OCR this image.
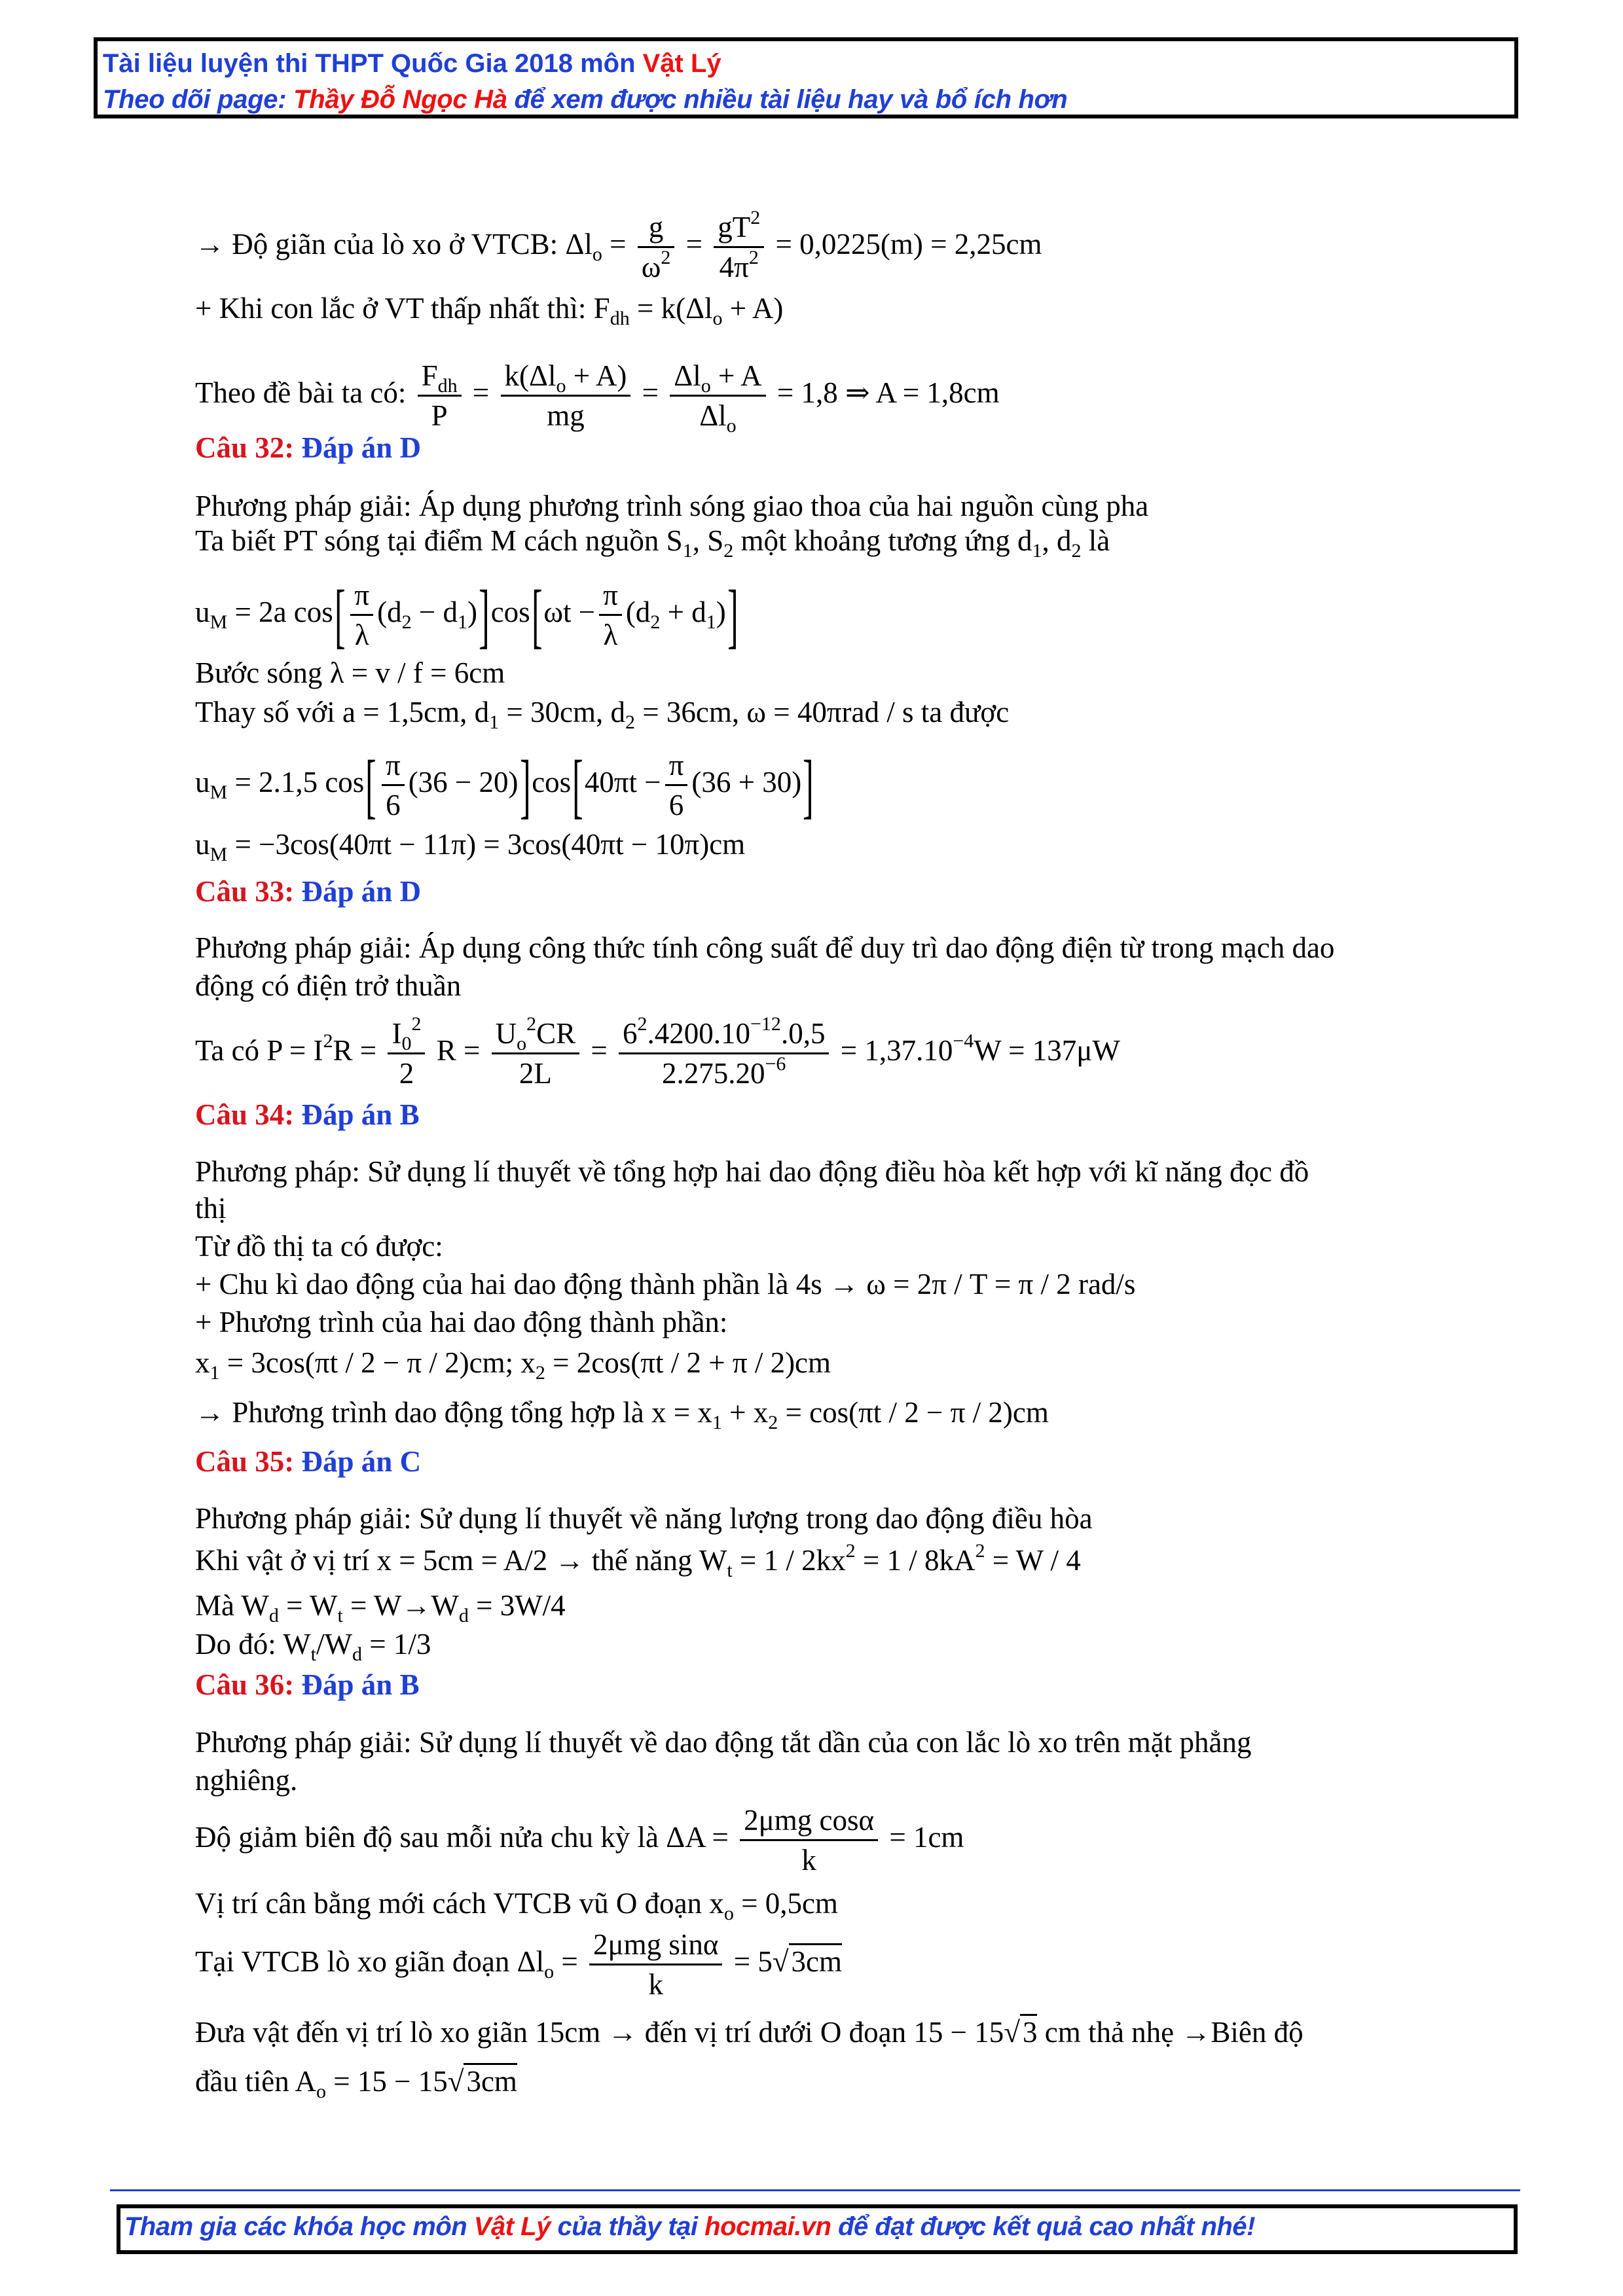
Tài liệu luyện thi THPT Quốc Gia 2018 môn Vật Lý
Theo dõi page: Thầy Đỗ Ngọc Hà để xem được nhiều tài liệu hay và bổ ích hơn
→ Độ giãn của lò xo ở VTCB: $\Delta l_o = \frac{g}{\omega^2} = \frac{gT^2}{4\pi^2} = 0,0225(m) = 2,25cm$
+ Khi con lắc ở VT thấp nhất thì: $F_{dh} = k(\Delta l_o + A)$
Theo đề bài ta có: $\frac{F_{dh}}{P} = \frac{k(\Delta l_o + A)}{mg} = \frac{\Delta l_o + A}{\Delta l_o} = 1,8$ ⇒ A = 1,8cm
Câu 32: Đáp án D
Phương pháp giải: Áp dụng phương trình sóng giao thoa của hai nguồn cùng pha
Ta biết PT sóng tại điểm M cách nguồn $S_1$, $S_2$ một khoảng tương ứng $d_1$, $d_2$ là
$u_M = 2a$ $\cos[ \frac{\pi}{\lambda} (d_2 - d_1)]\cos[\omega t - \frac{\pi}{\lambda} (d_2 + d_1)]$
Bước sóng λ = v / f = 6cm
Thay số với a = 1,5cm, $d_1 = 30cm$, $d_2 = 36cm$, ω = 40πrad / s ta được
$u_M = 2.1,5$ $\cos[ \frac{\pi}{6} (36 - 20)]\cos[40\pi t - \frac{\pi}{6} (36 + 30)]$
$u_M = -3\cos(40\pi t - 11\pi) = 3\cos(40\pi t - 10\pi)cm$
Câu 33: Đáp án D
Phương pháp giải: Áp dụng công thức tính công suất để duy trì dao động điện từ trong mạch dao
động có điện trở thuần
Ta có $P = I^2R = \frac{I_0^2}{2}$ $R = \frac{U_o^2CR}{2L} = \frac{6^2.4200.10^{-12}.0,5}{2.275.20^{-6}} = 1,37.10^{-4}W = 137\mu W$
Câu 34: Đáp án B
Phương pháp: Sử dụng lí thuyết về tổng hợp hai dao động điều hòa kết hợp với kĩ năng đọc đồ
thị
Từ đồ thị ta có được:
+ Chu kì dao động của hai dao động thành phần là 4s → ω = 2π / T = π / 2 rad/s
+ Phương trình của hai dao động thành phần:
$x_1 = 3\cos(\pi t / 2 - \pi / 2)cm$; $x_2 = 2\cos(\pi t / 2 + \pi / 2)cm$
→ Phương trình dao động tổng hợp là $x = x_1 + x_2 = \cos(\pi t / 2 - \pi / 2)cm$
Câu 35: Đáp án C
Phương pháp giải: Sử dụng lí thuyết về năng lượng trong dao động điều hòa
Khi vật ở vị trí x = 5cm = A/2 → thế năng $W_t = 1 / 2kx^2 = 1 / 8kA^2 = W / 4$
Mà $W_d = W_t = W\to W_d = 3W/4$
Do đó: $W_t/W_d = 1/3$
Câu 36: Đáp án B
Phương pháp giải: Sử dụng lí thuyết về dao động tắt dần của con lắc lò xo trên mặt phẳng
nghiêng.
Độ giảm biên độ sau mỗi nửa chu kỳ là $\Delta A = \frac{\text{2μmg cosα}}{k} = 1cm$
Vị trí cân bằng mới cách VTCB vũ O đoạn $x_o = 0,5cm$
Tại VTCB lò xo giãn đoạn $\Delta l_o = \frac{\text{2μmg sinα}}{k} = 5√3cm$
Đưa vật đến vị trí lò xo giãn 15cm → đến vị trí dưới O đoạn 15 − 15√3 cm thả nhẹ →Biên độ
đầu tiên $A_o = 15 - 15√3cm$
Tham gia các khóa học môn Vật Lý của thầy tại hocmai.vn để đạt được kết quả cao nhất nhé!
